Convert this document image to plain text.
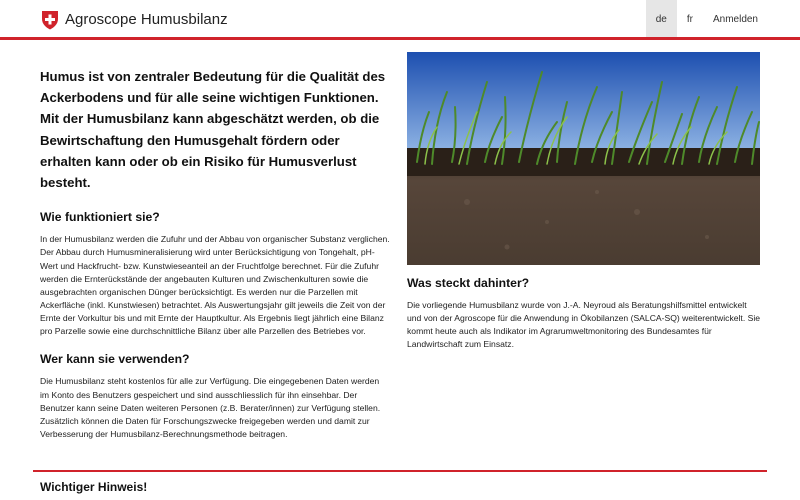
Agroscope Humusbilanz	de	fr	Anmelden

Humus ist von zentraler Bedeutung für die Qualität des Ackerbodens und für alle seine wichtigen Funktionen. Mit der Humusbilanz kann abgeschätzt werden, ob die Bewirtschaftung den Humusgehalt fördern oder erhalten kann oder ob ein Risiko für Humusverlust besteht.

Wie funktioniert sie?

In der Humusbilanz werden die Zufuhr und der Abbau von organischer Substanz verglichen. Der Abbau durch Humusmineralisierung wird unter Berücksichtigung von Tongehalt, pH-Wert und Hackfrucht- bzw. Kunstwieseanteil an der Fruchtfolge berechnet. Für die Zufuhr werden die Ernterückstände der angebauten Kulturen und Zwischenkulturen sowie die ausgebrachten organischen Dünger berücksichtigt. Es werden nur die Parzellen mit Ackerfläche (inkl. Kunstwiesen) betrachtet. Als Auswertungsjahr gilt jeweils die Zeit von der Ernte der Vorkultur bis und mit Ernte der Hauptkultur. Als Ergebnis liegt jährlich eine Bilanz pro Parzelle sowie eine durchschnittliche Bilanz über alle Parzellen des Betriebes vor.

Wer kann sie verwenden?

Die Humusbilanz steht kostenlos für alle zur Verfügung. Die eingegebenen Daten werden im Konto des Benutzers gespeichert und sind ausschliesslich für ihn einsehbar. Der Benutzer kann seine Daten weiteren Personen (z.B. Berater/innen) zur Verfügung stellen. Zusätzlich können die Daten für Forschungszwecke freigegeben werden und damit zur Verbesserung der Humusbilanz-Berechnungsmethode beitragen.

Was steckt dahinter?

Die vorliegende Humusbilanz wurde von J.-A. Neyroud als Beratungshilfsmittel entwickelt und von der Agroscope für die Anwendung in Ökobilanzen (SALCA-SQ) weiterentwickelt. Sie kommt heute auch als Indikator im Agrarumweltmonitoring des Bundesamtes für Landwirtschaft zum Einsatz.

Wichtiger Hinweis!
